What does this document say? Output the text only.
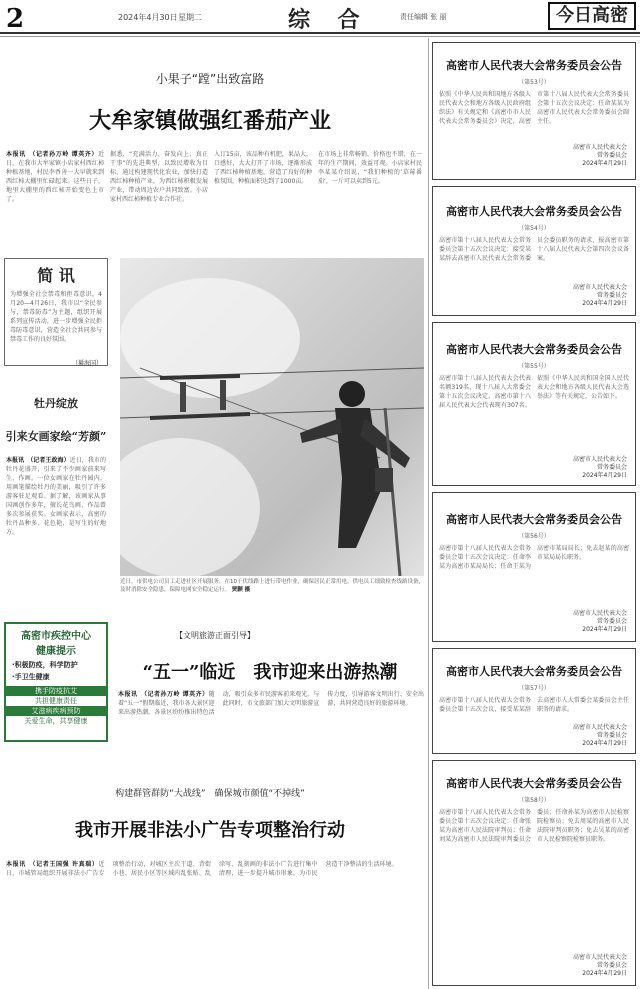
2	2024年4月30日 星期二	综 合	责任编辑 张 丽	今日高密
小果子“蹚”出致富路
大牟家镇做强红番茄产业
本报讯　（记者孙万岭 谭英齐）近日，在我市大牟家镇小店家村西红柿种植基地，村民李香善一大早就来到西红柿大棚里忙碌起来。这些日子，地里大棚里的西红柿开始变色上市了。
据悉，“充满活力、奋发向上、真正干事”的先进典型，以致民增收为目标，通过构建现代化农业，加快打造西红柿种植产业，为西红柿积极发展产业，带动周边农户共同致富。小店家村西红柿种植专业合作社。
入订15亩，该品种有机肥，果品大，口感好，大大打开了市场，逐渐形成了西红柿种植基地，营造了良好的种植氛围，种植面积达到了1000亩。
在市场上非常畅销，价格也不错，在一年的生产期间，效益可观。小店家村民李某某介绍说，“我们种植的‘草莓番茄’，一斤可以卖到5元。
简 讯
为增强全社会禁毒和拒毒意识，4月20—4月26日，我市以“全民参与，禁毒防毒”为主题，组织开展系列宣传活动，进一步增强全民拒毒防毒意识，营造全社会共同参与禁毒工作的良好氛围。
（綦海国）
牡丹绽放
引来女画家绘“芳颜”
本报讯　（记者王政海）近日，我市的牡丹花盛开，引来了不少画家前来写生、作画。一位女画家在牡丹园内，用画笔描绘牡丹的美丽，吸引了许多游客驻足观看。据了解，该画家从事国画创作多年，擅长花鸟画，作品曾多次参展获奖。女画家表示，高密的牡丹品种多、花色艳，是写生的好地方。
近日，市供电公司员工走进社区开展服务，在10千伏线路上进行带电作业，确保居民正常用电。供电员工细致检查线路设备，及时消除安全隐患，保障电网安全稳定运行。 贾颢 摄
高密市疾控中心
健康提示
·积极防疫，科学防护
·手卫生健康
携手防疫抗艾
共担健康责任
艾滋病疾病预防
关爱生命，共享健康
【文明旅游正面引导】
“五一”临近　我市迎来出游热潮
本报讯　（记者孙万岭 谭英齐）随着“五一”假期临近，我市各大景区迎来出游热潮。各景区纷纷推出特色活动，吸引众多市民游客前来观光。与此同时，市文旅部门加大文明旅游宣传力度，引导游客文明出行、安全出游，共同营造良好的旅游环境。
构建群管群防“大战线”　确保城市颜值“不掉线”
我市开展非法小广告专项整治行动
本报讯　（记者王国强 许真瑞）近日，市城管局组织开展非法小广告专项整治行动，对城区主次干道、背街小巷、居民小区等区域内乱张贴、乱涂写、乱刻画的非法小广告进行集中清理，进一步提升城市形象，为市民营造干净整洁的生活环境。
高密市人民代表大会常务委员会公告
（第53号）
依照《中华人民共和国地方各级人民代表大会和地方各级人民政府组织法》有关规定和《高密市市人民代表大会常务委员会》决定，高密市第十八届人民代表大会常务委员会第十五次会议决定：任命某某为高密市人民代表大会常务委员会副主任。
高密市人民代表大会
常务委员会
2024年4月29日
高密市人民代表大会常务委员会公告
（第54号）
高密市第十八届人民代表大会常务委员会第十五次会议决定：接受某某辞去高密市人民代表大会常务委员会委员职务的请求，报高密市第十八届人民代表大会第四次会议备案。
高密市人民代表大会
常务委员会
2024年4月29日
高密市人民代表大会常务委员会公告
（第55号）
高密市第十八届人民代表大会代表名额319名，现十八届人大常委会第十五次会议决定，高密市第十八届人民代表大会代表现有307名。依照《中华人民共和国全国人民代表大会和地方各级人民代表大会选举法》等有关规定，公告如下。
高密市人民代表大会
常务委员会
2024年4月29日
高密市人民代表大会常务委员会公告
（第56号）
高密市第十八届人民代表大会常务委员会第十五次会议决定：任命李某为高密市某局局长；任命王某为高密市某局局长；免去赵某的高密市某局局长职务。
高密市人民代表大会
常务委员会
2024年4月29日
高密市人民代表大会常务委员会公告
（第57号）
高密市第十八届人民代表大会常务委员会第十五次会议，接受某某辞去高密市人大常委会某委员会主任职务的请求。
高密市人民代表大会
常务委员会
2024年4月29日
高密市人民代表大会常务委员会公告
（第58号）
高密市第十八届人民代表大会常务委员会第十五次会议决定：任命张某为高密市人民法院审判员；任命刘某为高密市人民法院审判委员会委员；任命孙某为高密市人民检察院检察员；免去周某的高密市人民法院审判员职务；免去吴某的高密市人民检察院检察员职务。
高密市人民代表大会
常务委员会
2024年4月29日
